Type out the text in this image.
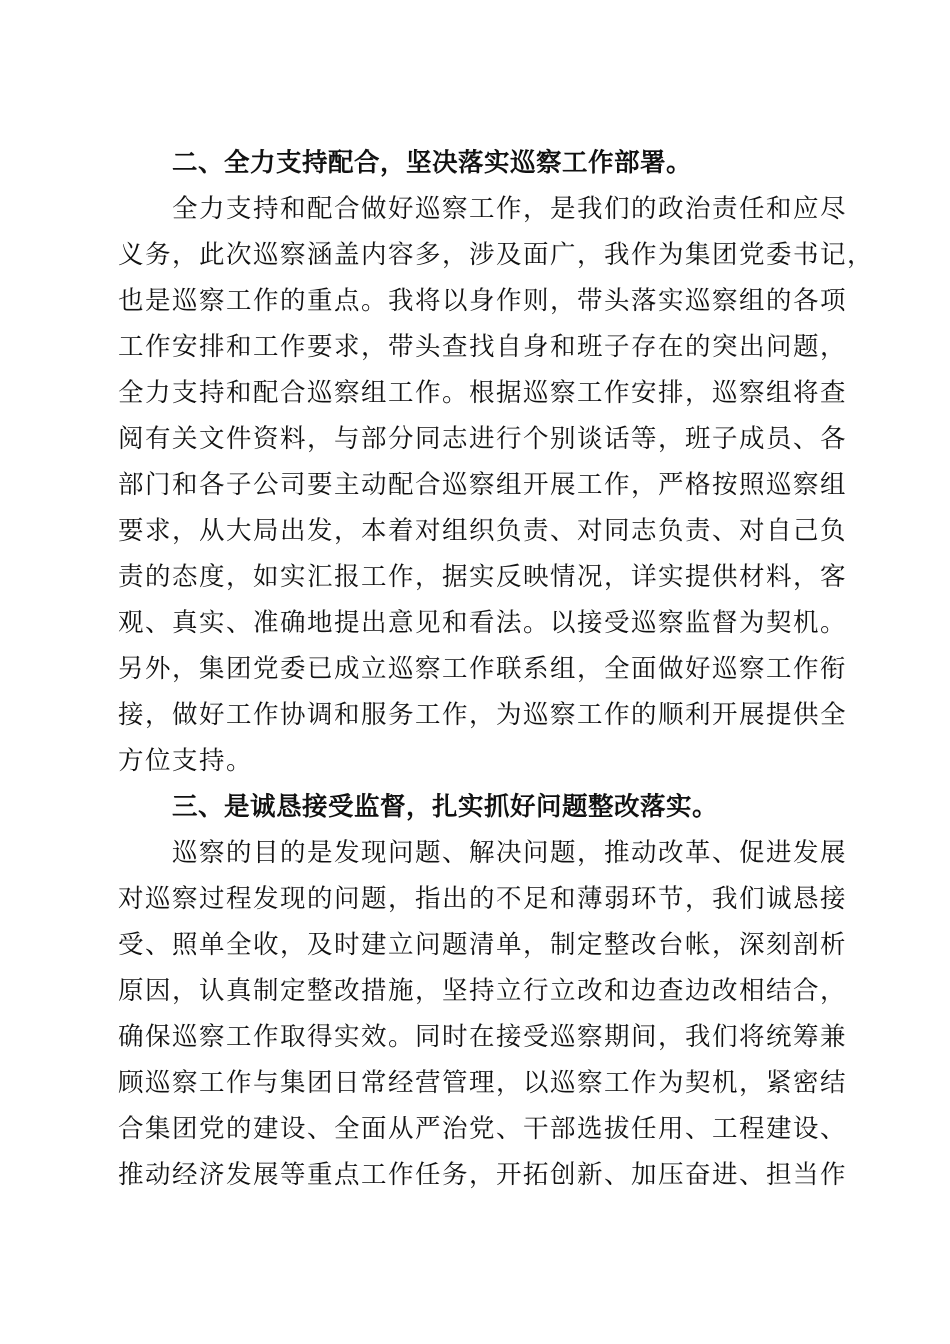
二、全力支持配合，坚决落实巡察工作部署。
全力支持和配合做好巡察工作，是我们的政治责任和应尽
义务，此次巡察涵盖内容多，涉及面广，我作为集团党委书记，
也是巡察工作的重点。我将以身作则，带头落实巡察组的各项
工作安排和工作要求，带头查找自身和班子存在的突出问题，
全力支持和配合巡察组工作。根据巡察工作安排，巡察组将查
阅有关文件资料，与部分同志进行个别谈话等，班子成员、各
部门和各子公司要主动配合巡察组开展工作，严格按照巡察组
要求，从大局出发，本着对组织负责、对同志负责、对自己负
责的态度，如实汇报工作，据实反映情况，详实提供材料，客
观、真实、准确地提出意见和看法。以接受巡察监督为契机。
另外，集团党委已成立巡察工作联系组，全面做好巡察工作衔
接，做好工作协调和服务工作，为巡察工作的顺利开展提供全
方位支持。
三、是诚恳接受监督，扎实抓好问题整改落实。
巡察的目的是发现问题、解决问题，推动改革、促进发展
对巡察过程发现的问题，指出的不足和薄弱环节，我们诚恳接
受、照单全收，及时建立问题清单，制定整改台帐，深刻剖析
原因，认真制定整改措施，坚持立行立改和边查边改相结合，
确保巡察工作取得实效。同时在接受巡察期间，我们将统筹兼
顾巡察工作与集团日常经营管理，以巡察工作为契机，紧密结
合集团党的建设、全面从严治党、干部选拔任用、工程建设、
推动经济发展等重点工作任务，开拓创新、加压奋进、担当作
